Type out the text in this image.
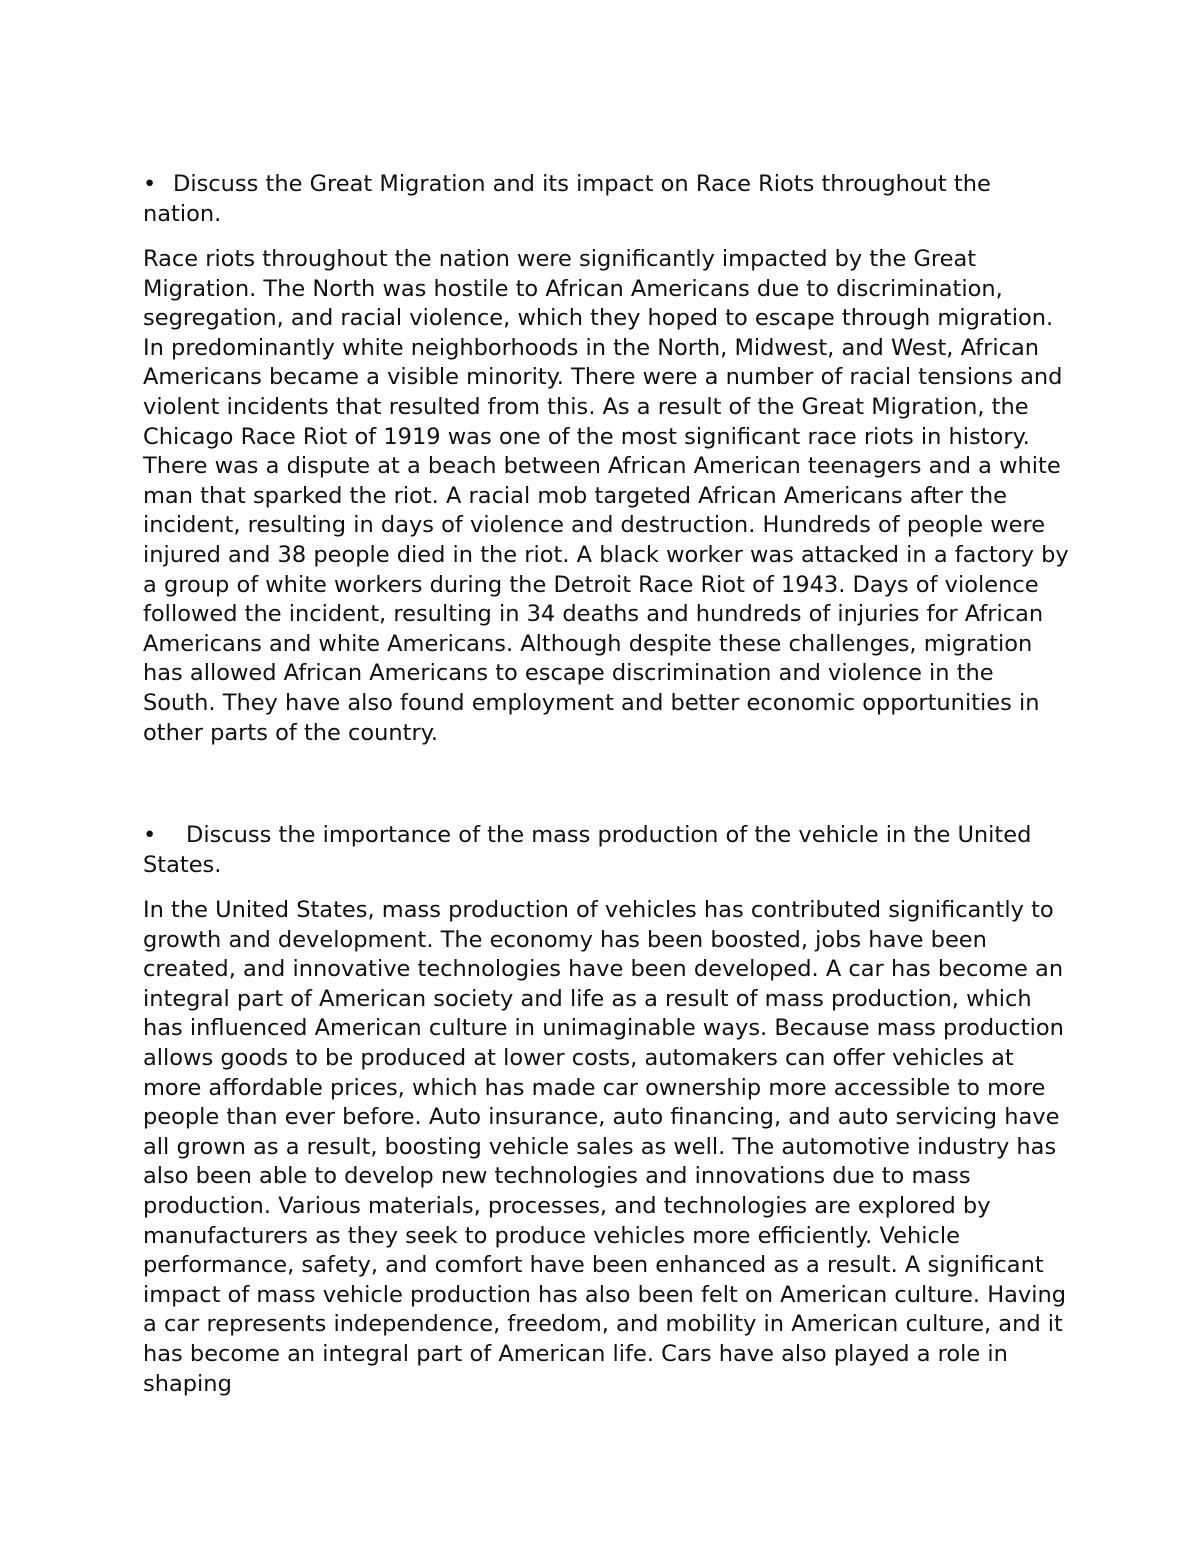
• Discuss the Great Migration and its impact on Race Riots throughout the nation.
Race riots throughout the nation were significantly impacted by the Great Migration. The North was hostile to African Americans due to discrimination, segregation, and racial violence, which they hoped to escape through migration. In predominantly white neighborhoods in the North, Midwest, and West, African Americans became a visible minority. There were a number of racial tensions and violent incidents that resulted from this. As a result of the Great Migration, the Chicago Race Riot of 1919 was one of the most significant race riots in history. There was a dispute at a beach between African American teenagers and a white man that sparked the riot. A racial mob targeted African Americans after the incident, resulting in days of violence and destruction. Hundreds of people were injured and 38 people died in the riot. A black worker was attacked in a factory by a group of white workers during the Detroit Race Riot of 1943. Days of violence followed the incident, resulting in 34 deaths and hundreds of injuries for African Americans and white Americans. Although despite these challenges, migration has allowed African Americans to escape discrimination and violence in the South. They have also found employment and better economic opportunities in other parts of the country.
•	Discuss the importance of the mass production of the vehicle in the United States.
In the United States, mass production of vehicles has contributed significantly to growth and development. The economy has been boosted, jobs have been created, and innovative technologies have been developed. A car has become an integral part of American society and life as a result of mass production, which has influenced American culture in unimaginable ways. Because mass production allows goods to be produced at lower costs, automakers can offer vehicles at more affordable prices, which has made car ownership more accessible to more people than ever before. Auto insurance, auto financing, and auto servicing have all grown as a result, boosting vehicle sales as well. The automotive industry has also been able to develop new technologies and innovations due to mass production. Various materials, processes, and technologies are explored by manufacturers as they seek to produce vehicles more efficiently. Vehicle performance, safety, and comfort have been enhanced as a result. A significant impact of mass vehicle production has also been felt on American culture. Having a car represents independence, freedom, and mobility in American culture, and it has become an integral part of American life. Cars have also played a role in shaping
